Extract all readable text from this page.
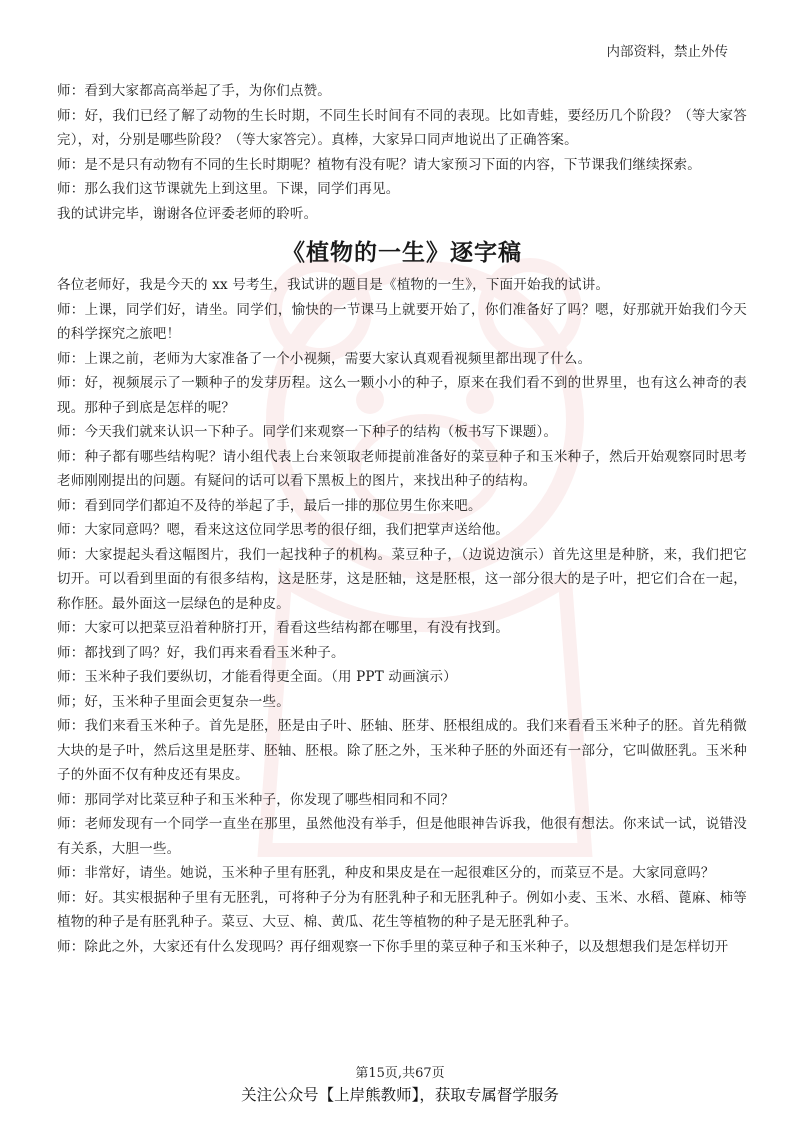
内部资料，禁止外传

师：看到大家都高高举起了手，为你们点赞。

师：好，我们已经了解了动物的生长时期，不同生长时间有不同的表现。比如青蛙，要经历几个阶段？（等大家答完），对，分别是哪些阶段？（等大家答完）。真棒，大家异口同声地说出了正确答案。

师：是不是只有动物有不同的生长时期呢？植物有没有呢？请大家预习下面的内容，下节课我们继续探索。

师：那么我们这节课就先上到这里。下课，同学们再见。

我的试讲完毕，谢谢各位评委老师的聆听。

《植物的一生》逐字稿

各位老师好，我是今天的 xx 号考生，我试讲的题目是《植物的一生》，下面开始我的试讲。

师：上课，同学们好，请坐。同学们，愉快的一节课马上就要开始了，你们准备好了吗？嗯，好那就开始我们今天的科学探究之旅吧！

师：上课之前，老师为大家准备了一个小视频，需要大家认真观看视频里都出现了什么。

师：好，视频展示了一颗种子的发芽历程。这么一颗小小的种子，原来在我们看不到的世界里，也有这么神奇的表现。那种子到底是怎样的呢？

师：今天我们就来认识一下种子。同学们来观察一下种子的结构（板书写下课题）。

师：种子都有哪些结构呢？请小组代表上台来领取老师提前准备好的菜豆种子和玉米种子，然后开始观察同时思考老师刚刚提出的问题。有疑问的话可以看下黑板上的图片，来找出种子的结构。

师：看到同学们都迫不及待的举起了手，最后一排的那位男生你来吧。

师：大家同意吗？嗯，看来这这位同学思考的很仔细，我们把掌声送给他。

师：大家提起头看这幅图片，我们一起找种子的机构。菜豆种子，（边说边演示）首先这里是种脐，来，我们把它切开。可以看到里面的有很多结构，这是胚芽，这是胚轴，这是胚根，这一部分很大的是子叶，把它们合在一起，称作胚。最外面这一层绿色的是种皮。

师：大家可以把菜豆沿着种脐打开，看看这些结构都在哪里，有没有找到。

师：都找到了吗？好，我们再来看看玉米种子。

师：玉米种子我们要纵切，才能看得更全面。（用 PPT 动画演示）

师；好，玉米种子里面会更复杂一些。

师：我们来看玉米种子。首先是胚，胚是由子叶、胚轴、胚芽、胚根组成的。我们来看看玉米种子的胚。首先稍微大块的是子叶，然后这里是胚芽、胚轴、胚根。除了胚之外，玉米种子胚的外面还有一部分，它叫做胚乳。玉米种子的外面不仅有种皮还有果皮。

师：那同学对比菜豆种子和玉米种子，你发现了哪些相同和不同？

师：老师发现有一个同学一直坐在那里，虽然他没有举手，但是他眼神告诉我，他很有想法。你来试一试，说错没有关系，大胆一些。

师：非常好，请坐。她说，玉米种子里有胚乳，种皮和果皮是在一起很难区分的，而菜豆不是。大家同意吗？

师：好。其实根据种子里有无胚乳，可将种子分为有胚乳种子和无胚乳种子。例如小麦、玉米、水稻、蓖麻、柿等植物的种子是有胚乳种子。菜豆、大豆、棉、黄瓜、花生等植物的种子是无胚乳种子。

师：除此之外，大家还有什么发现吗？再仔细观察一下你手里的菜豆种子和玉米种子，以及想想我们是怎样切开

第15页,共67页
关注公众号【上岸熊教师】，获取专属督学服务
